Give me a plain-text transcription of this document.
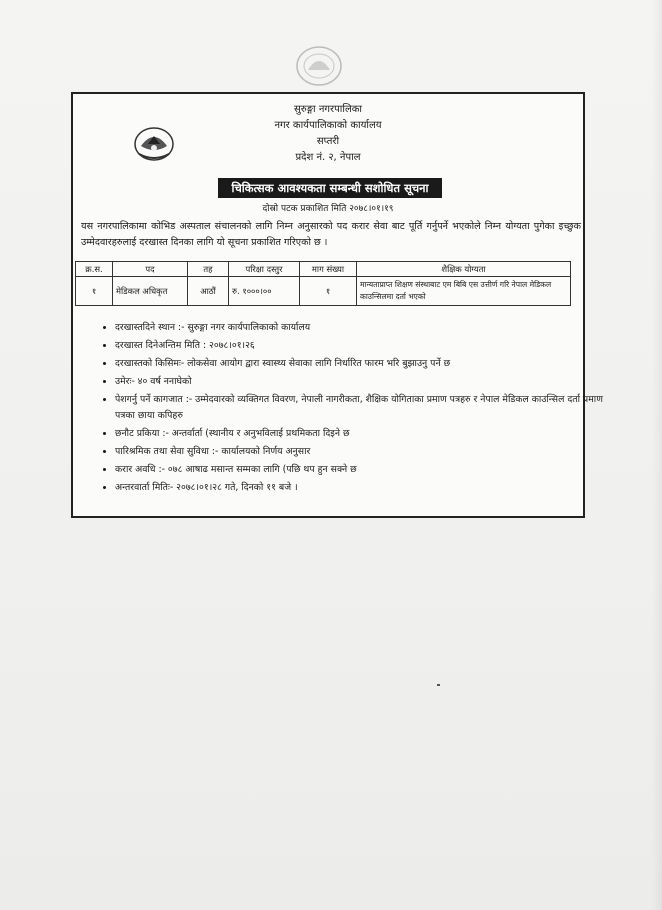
सुरुङ्गा नगरपालिका
नगर कार्यपालिकाको कार्यालय
सप्तरी
प्रदेश नं. २, नेपाल
चिकित्सक आवश्यकता सम्बन्धी सशोधित सूचना
दोस्रो पटक प्रकाशित मिति २०७८।०१।१९
यस नगरपालिकामा कोभिड अस्पताल संचालनको लागि निम्न अनुसारको पद करार सेवा बाट पूर्ति गर्नुपर्ने भएकोले निम्न योग्यता पुगेका इच्छुक उम्मेदवारहरुलाई दरखास्त दिनका लागि यो सूचना प्रकाशित गरिएको छ ।
क्र.स.	पद	तह	परिक्षा दस्तुर	माग संख्या	शैक्षिक योग्यता
१	मेडिकल अधिकृत	आठौं	रु. १०००।००	१	मान्यताप्राप्त शिक्षण संस्थाबाट एम बिबि एस उत्तीर्ण गरि नेपाल मेडिकल काउन्सिलमा दर्ता भएको
• दरखास्तदिने स्थान :- सुरुङ्गा नगर कार्यपालिकाको कार्यालय
• दरखास्त दिनेअन्तिम मिति : २०७८।०१।२६
• दरखास्तको किसिमः- लोकसेवा आयोग द्वारा स्वास्थ्य सेवाका लागि निर्धारित फारम भरि बुझाउनु पर्ने छ
• उमेरः- ४० वर्ष ननाघेको
• पेशगर्नु पर्ने कागजात :- उम्मेदवारको व्यक्तिगत विवरण, नेपाली नागरीकता, शैक्षिक योगिताका प्रमाण पत्रहरु र नेपाल मेडिकल काउन्सिल दर्ता प्रमाण पत्रका छाया कपिहरु
• छनौट प्रकिया :- अन्तर्वार्ता (स्थानीय र अनुभविलाई प्रथमिकता दिइने छ
• पारिश्रमिक तथा सेवा सुविधा :- कार्यालयको निर्णय अनुसार
• करार अवधि :- ०७८ आषाढ मसान्त सम्मका लागि (पछि थप हुन सक्ने छ
• अन्तरवार्ता मितिः- २०७८।०१।२८ गते, दिनको ११ बजे ।
